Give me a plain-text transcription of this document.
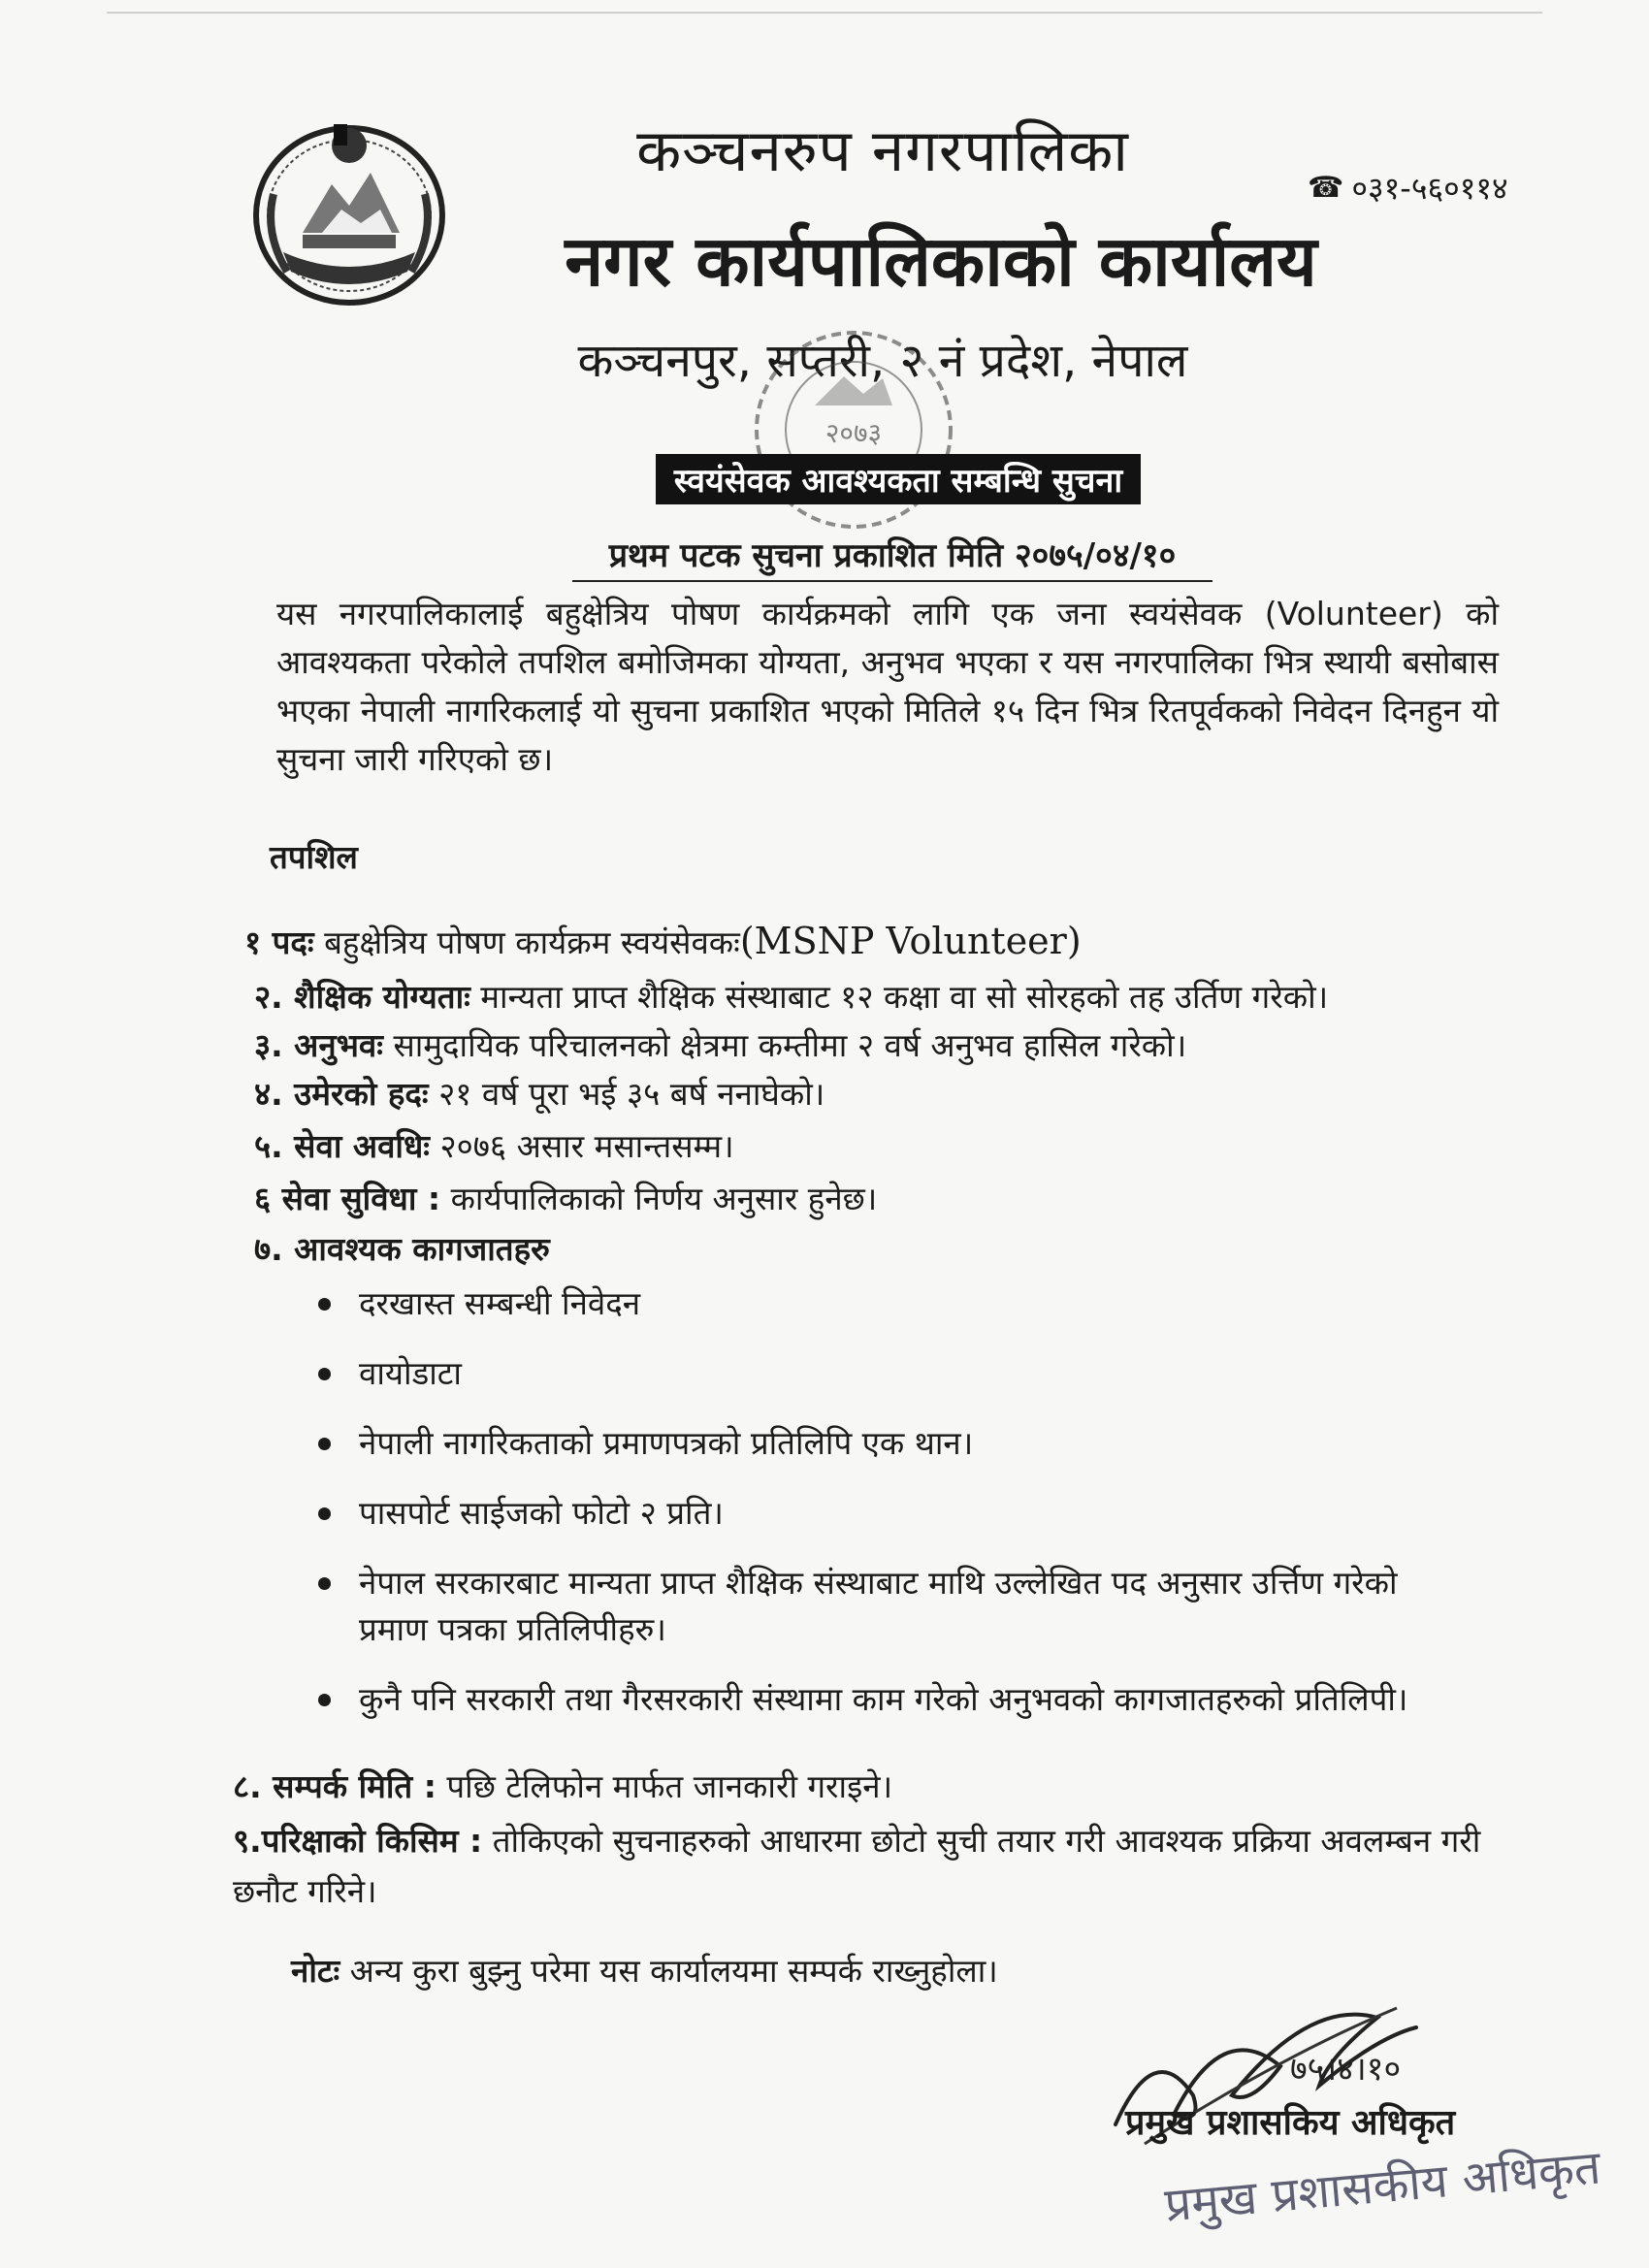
कञ्चनरुप नगरपालिका
नगर कार्यपालिकाको कार्यालय
कञ्चनपुर, सप्तरी, २ नं प्रदेश, नेपाल
☎ ०३१-५६०११४
२०७३
स्वयंसेवक आवश्यकता सम्बन्धि सुचना
प्रथम पटक सुचना प्रकाशित मिति २०७५/०४/१०

यस नगरपालिकालाई बहुक्षेत्रिय पोषण कार्यक्रमको लागि एक जना स्वयंसेवक (Volunteer) को आवश्यकता परेकोले तपशिल बमोजिमका योग्यता, अनुभव भएका र यस नगरपालिका भित्र स्थायी बसोबास भएका नेपाली नागरिकलाई यो सुचना प्रकाशित भएको मितिले १५ दिन भित्र रितपूर्वकको निवेदन दिनहुन यो सुचना जारी गरिएको छ।

तपशिल
१ पदः बहुक्षेत्रिय पोषण कार्यक्रम स्वयंसेवकः(MSNP Volunteer)
२. शैक्षिक योग्यताः मान्यता प्राप्त शैक्षिक संस्थाबाट १२ कक्षा वा सो सोरहको तह उर्तिण गरेको।
३. अनुभवः सामुदायिक परिचालनको क्षेत्रमा कम्तीमा २ वर्ष अनुभव हासिल गरेको।
४. उमेरको हदः २१ वर्ष पूरा भई ३५ बर्ष ननाघेको।
५. सेवा अवधिः २०७६ असार मसान्तसम्म।
६ सेवा सुविधा : कार्यपालिकाको निर्णय अनुसार हुनेछ।
७. आवश्यक कागजातहरु
दरखास्त सम्बन्धी निवेदन
वायोडाटा
नेपाली नागरिकताको प्रमाणपत्रको प्रतिलिपि एक थान।
पासपोर्ट साईजको फोटो २ प्रति।
नेपाल सरकारबाट मान्यता प्राप्त शैक्षिक संस्थाबाट माथि उल्लेखित पद अनुसार उर्त्तिण गरेको प्रमाण पत्रका प्रतिलिपीहरु।
कुनै पनि सरकारी तथा गैरसरकारी संस्थामा काम गरेको अनुभवको कागजातहरुको प्रतिलिपी।
८. सम्पर्क मिति : पछि टेलिफोन मार्फत जानकारी गराइने।
९.परिक्षाको किसिम : तोकिएको सुचनाहरुको आधारमा छोटो सुची तयार गरी आवश्यक प्रक्रिया अवलम्बन गरी छनौट गरिने।
नोटः अन्य कुरा बुझ्नु परेमा यस कार्यालयमा सम्पर्क राख्नुहोला।
७५।४।१०
प्रमुख प्रशासकिय अधिकृत
प्रमुख प्रशासकीय अधिकृत
